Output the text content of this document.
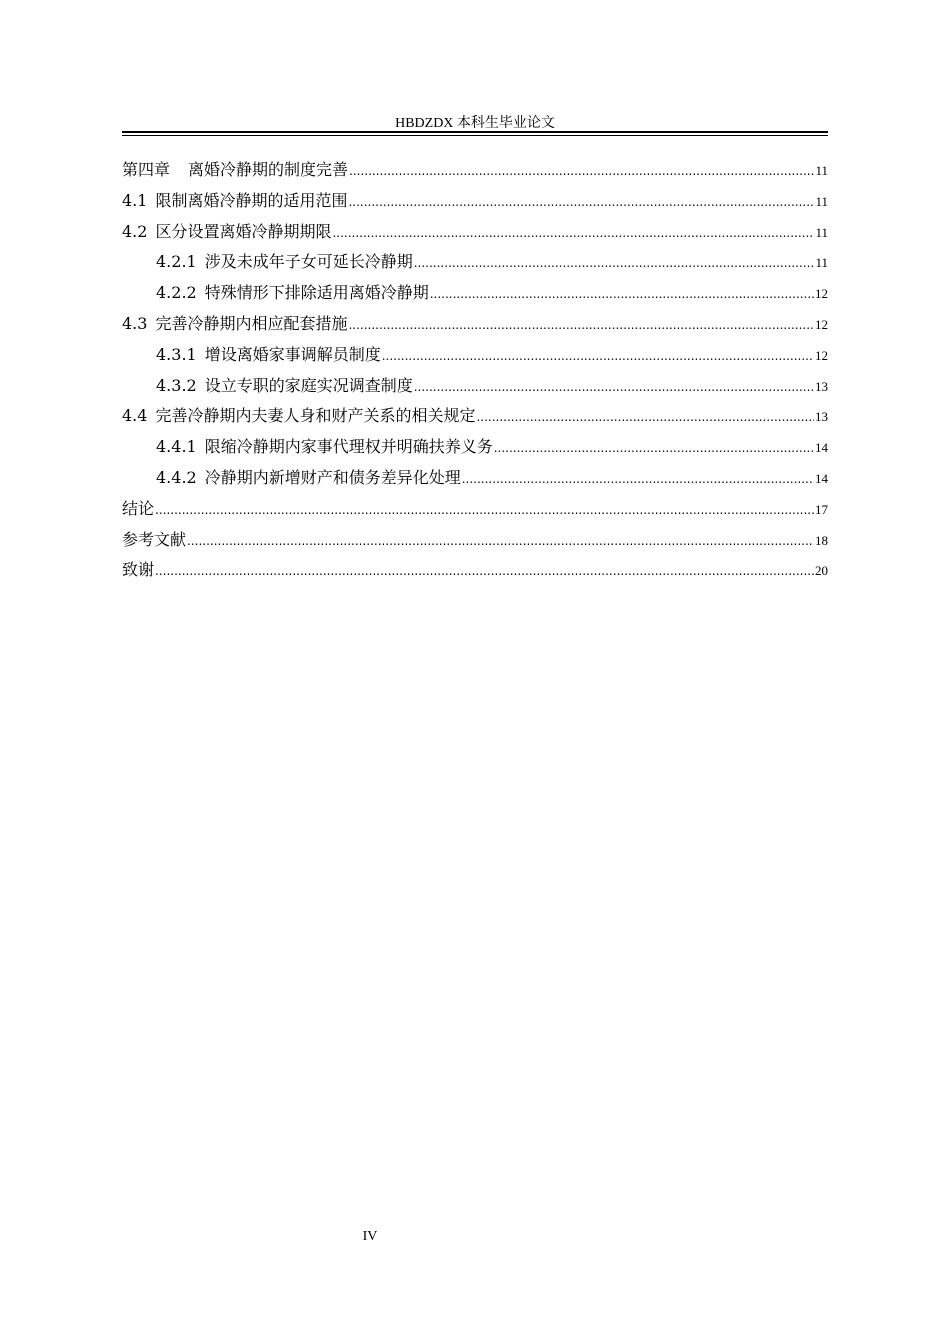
HBDZDX 本科生毕业论文
第四章 离婚冷静期的制度完善 .....	11
4.1 限制离婚冷静期的适用范围 .....	11
4.2 区分设置离婚冷静期期限 .....	11
4.2.1 涉及未成年子女可延长冷静期 .....	11
4.2.2 特殊情形下排除适用离婚冷静期 .....	12
4.3 完善冷静期内相应配套措施 .....	12
4.3.1 增设离婚家事调解员制度 .....	12
4.3.2 设立专职的家庭实况调查制度 .....	13
4.4 完善冷静期内夫妻人身和财产关系的相关规定 .....	13
4.4.1 限缩冷静期内家事代理权并明确扶养义务 .....	14
4.4.2 冷静期内新增财产和债务差异化处理 .....	14
结论 .....	17
参考文献 .....	18
致谢 .....	20
IV
